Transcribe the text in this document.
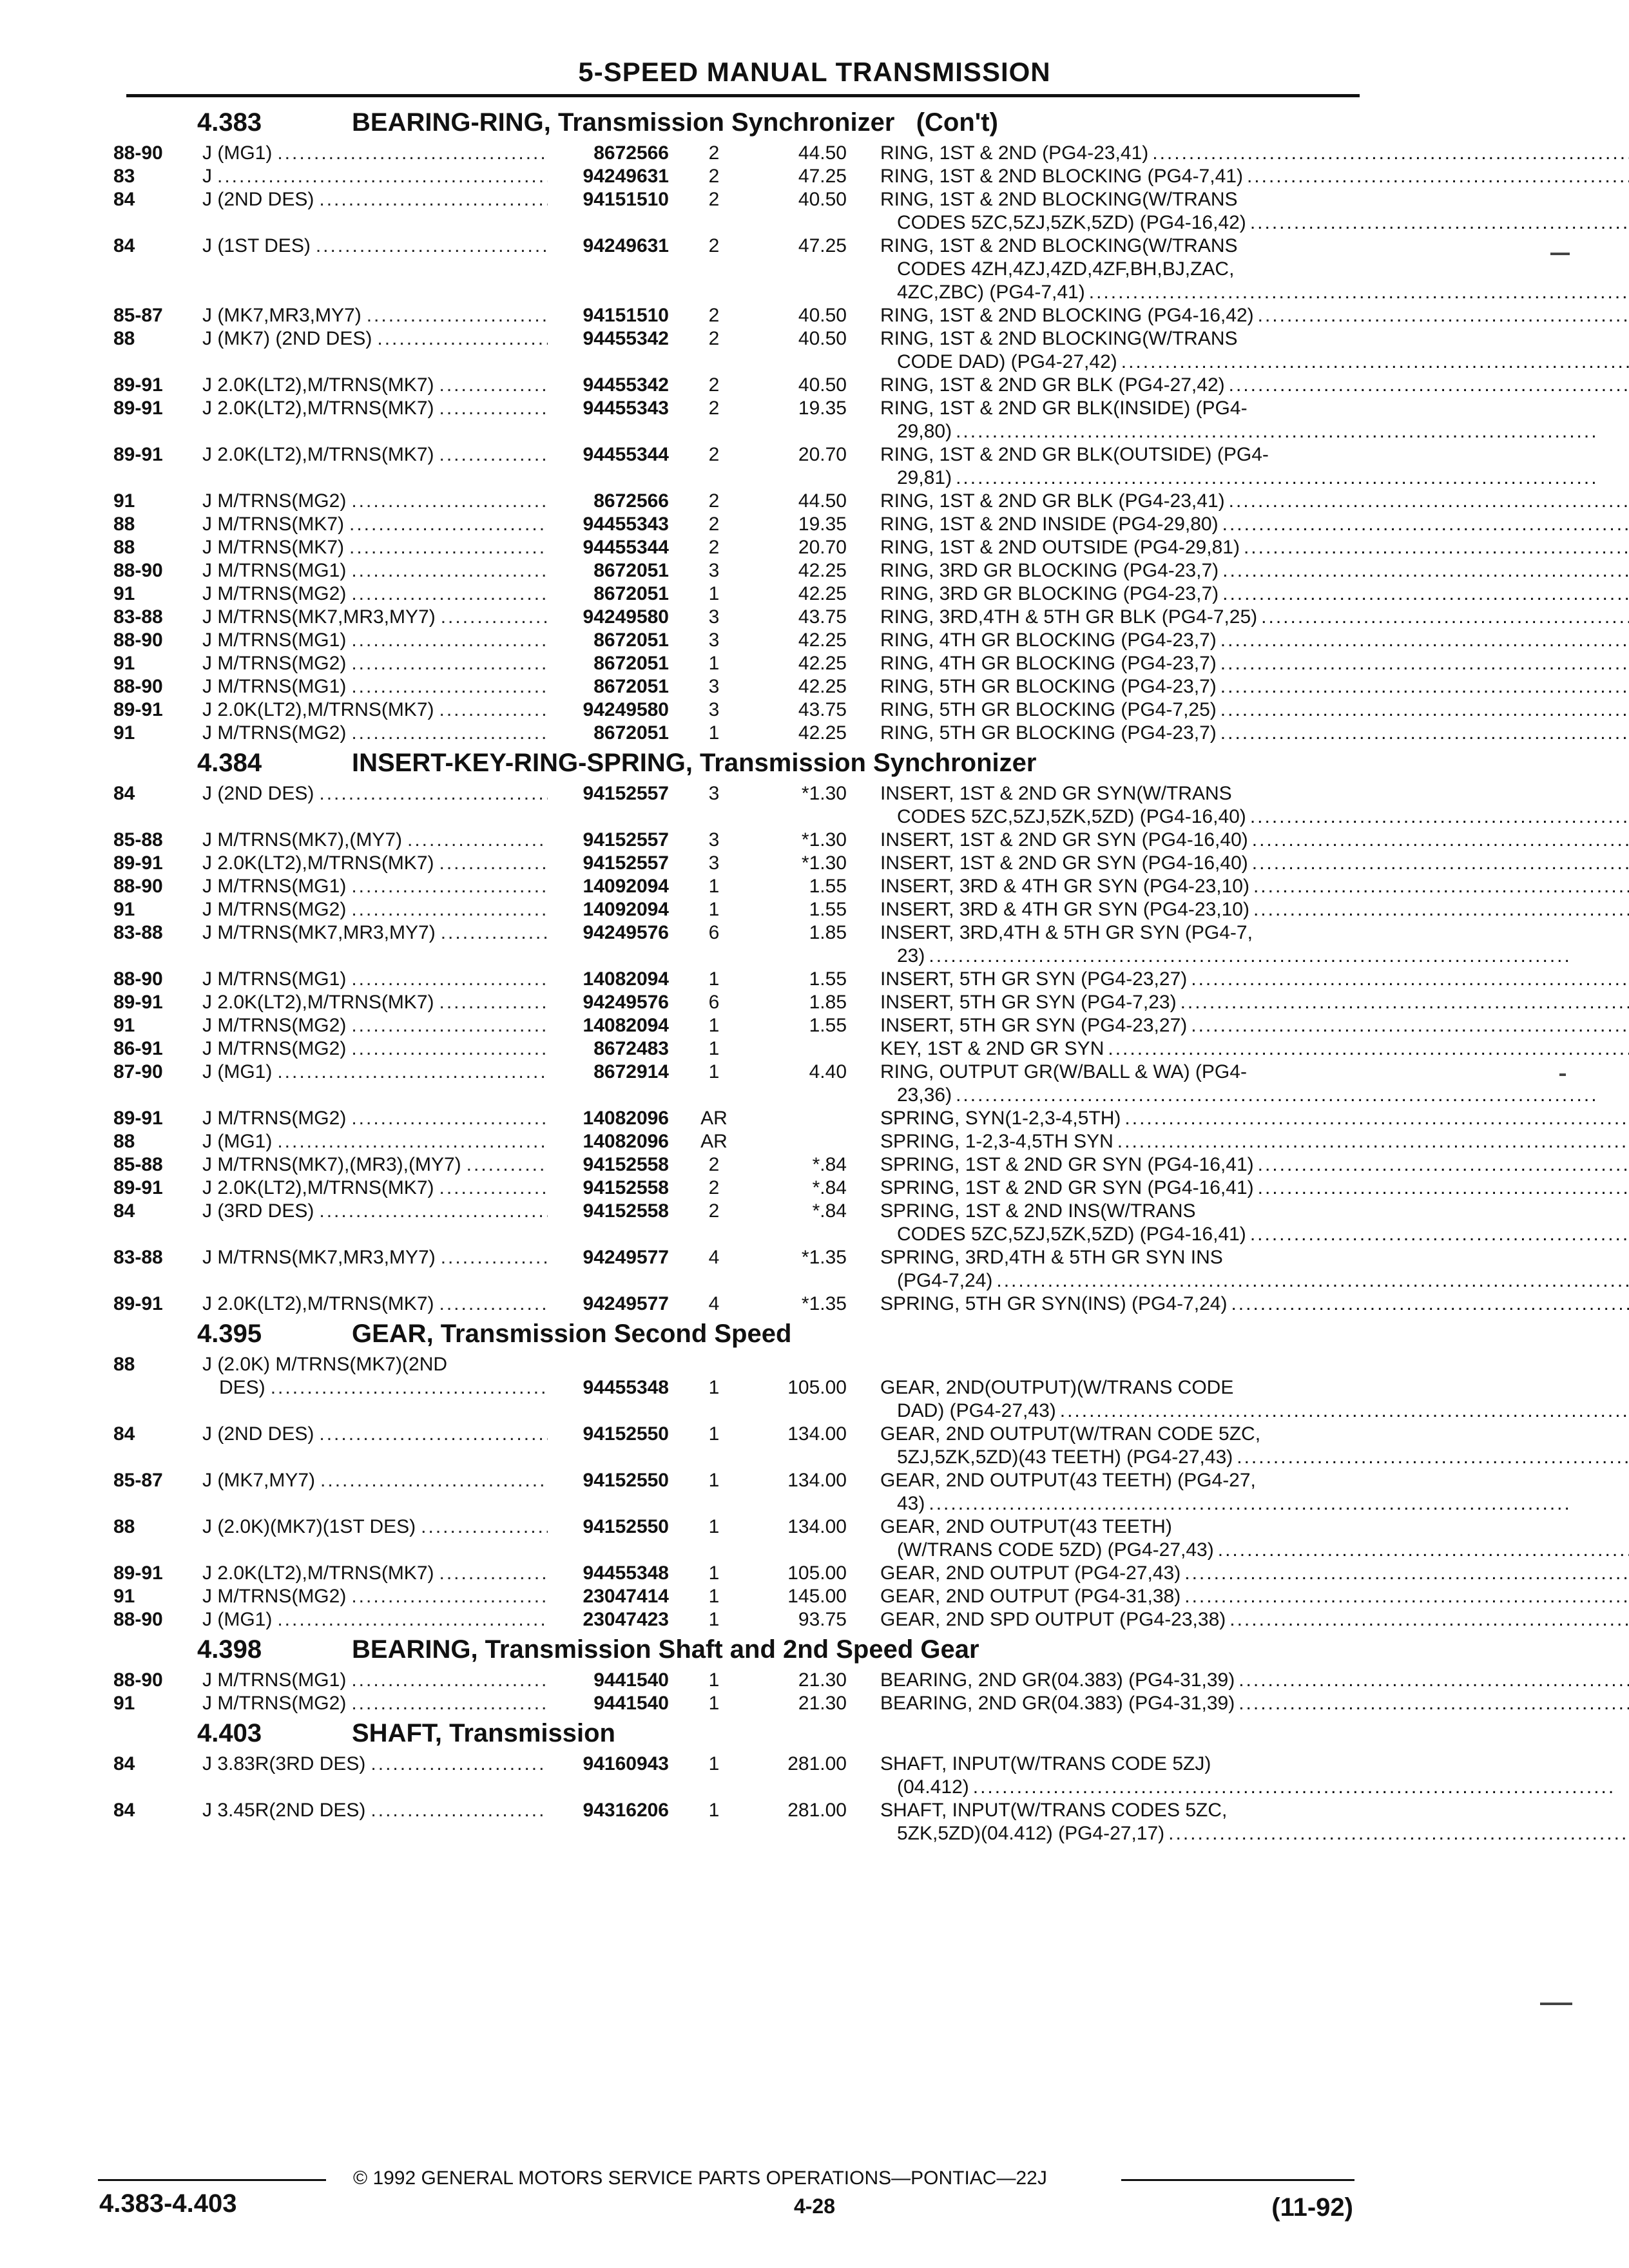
5-SPEED MANUAL TRANSMISSION
4.383	BEARING-RING, Transmission Synchronizer   (Con't)
88-90	J (MG1) .....	8672566	2	44.50 RING, 1ST & 2ND (PG4-23,41)
.....
83	J .....	94249631	2	47.25 RING, 1ST & 2ND BLOCKING (PG4-7,41)
.....
84	J (2ND DES) .....	94151510	2	40.50 RING, 1ST & 2ND BLOCKING(W/TRANS
CODES 5ZC,5ZJ,5ZK,5ZD) (PG4-16,42)
.....
84	J (1ST DES) .....	94249631	2	47.25 RING, 1ST & 2ND BLOCKING(W/TRANS
CODES 4ZH,4ZJ,4ZD,4ZF,BH,BJ,ZAC,
4ZC,ZBC) (PG4-7,41)
.....
85-87	J (MK7,MR3,MY7) .....	94151510	2	40.50 RING, 1ST & 2ND BLOCKING (PG4-16,42)
.....
88	J (MK7) (2ND DES) .....	94455342	2	40.50 RING, 1ST & 2ND BLOCKING(W/TRANS
CODE DAD) (PG4-27,42)
.....
89-91	J 2.0K(LT2),M/TRNS(MK7) .....	94455342	2	40.50 RING, 1ST & 2ND GR BLK (PG4-27,42)
.....
89-91	J 2.0K(LT2),M/TRNS(MK7) .....	94455343	2	19.35 RING, 1ST & 2ND GR BLK(INSIDE) (PG4-
29,80)
.....
89-91	J 2.0K(LT2),M/TRNS(MK7) .....	94455344	2	20.70 RING, 1ST & 2ND GR BLK(OUTSIDE) (PG4-
29,81)
.....
91	J M/TRNS(MG2) .....	8672566	2	44.50 RING, 1ST & 2ND GR BLK (PG4-23,41)
.....
88	J M/TRNS(MK7) .....	94455343	2	19.35 RING, 1ST & 2ND INSIDE (PG4-29,80)
.....
88	J M/TRNS(MK7) .....	94455344	2	20.70 RING, 1ST & 2ND OUTSIDE (PG4-29,81)
.....
88-90	J M/TRNS(MG1) .....	8672051	3	42.25 RING, 3RD GR BLOCKING (PG4-23,7)
.....
91	J M/TRNS(MG2) .....	8672051	1	42.25 RING, 3RD GR BLOCKING (PG4-23,7)
.....
83-88	J M/TRNS(MK7,MR3,MY7) .....	94249580	3	43.75 RING, 3RD,4TH & 5TH GR BLK (PG4-7,25)
.....
88-90	J M/TRNS(MG1) .....	8672051	3	42.25 RING, 4TH GR BLOCKING (PG4-23,7)
.....
91	J M/TRNS(MG2) .....	8672051	1	42.25 RING, 4TH GR BLOCKING (PG4-23,7)
.....
88-90	J M/TRNS(MG1) .....	8672051	3	42.25 RING, 5TH GR BLOCKING (PG4-23,7)
.....
89-91	J 2.0K(LT2),M/TRNS(MK7) .....	94249580	3	43.75 RING, 5TH GR BLOCKING (PG4-7,25)
.....
91	J M/TRNS(MG2) .....	8672051	1	42.25 RING, 5TH GR BLOCKING (PG4-23,7)
.....
4.384	INSERT-KEY-RING-SPRING, Transmission Synchronizer
84	J (2ND DES) .....	94152557	3	*1.30 INSERT, 1ST & 2ND GR SYN(W/TRANS
CODES 5ZC,5ZJ,5ZK,5ZD) (PG4-16,40)
.....
85-88	J M/TRNS(MK7),(MY7) .....	94152557	3	*1.30 INSERT, 1ST & 2ND GR SYN (PG4-16,40)
.....
89-91	J 2.0K(LT2),M/TRNS(MK7) .....	94152557	3	*1.30 INSERT, 1ST & 2ND GR SYN (PG4-16,40)
.....
88-90	J M/TRNS(MG1) .....	14092094	1	1.55 INSERT, 3RD & 4TH GR SYN (PG4-23,10)
.....
91	J M/TRNS(MG2) .....	14092094	1	1.55 INSERT, 3RD & 4TH GR SYN (PG4-23,10)
.....
83-88	J M/TRNS(MK7,MR3,MY7) .....	94249576	6	1.85 INSERT, 3RD,4TH & 5TH GR SYN (PG4-7,
23)
.....
88-90	J M/TRNS(MG1) .....	14082094	1	1.55 INSERT, 5TH GR SYN (PG4-23,27)
.....
89-91	J 2.0K(LT2),M/TRNS(MK7) .....	94249576	6	1.85 INSERT, 5TH GR SYN (PG4-7,23)
.....
91	J M/TRNS(MG2) .....	14082094	1	1.55 INSERT, 5TH GR SYN (PG4-23,27)
.....
86-91	J M/TRNS(MG2) .....	8672483	1	KEY, 1ST & 2ND GR SYN
.....
87-90	J (MG1) .....	8672914	1	4.40 RING, OUTPUT GR(W/BALL & WA) (PG4-
23,36)
.....
89-91	J M/TRNS(MG2) .....	14082096	AR	SPRING, SYN(1-2,3-4,5TH)
.....
88	J (MG1) .....	14082096	AR	SPRING, 1-2,3-4,5TH SYN
.....
85-88	J M/TRNS(MK7),(MR3),(MY7) .....	94152558	2	*.84 SPRING, 1ST & 2ND GR SYN (PG4-16,41)
.....
89-91	J 2.0K(LT2),M/TRNS(MK7) .....	94152558	2	*.84 SPRING, 1ST & 2ND GR SYN (PG4-16,41)
.....
84	J (3RD DES) .....	94152558	2	*.84 SPRING, 1ST & 2ND INS(W/TRANS
CODES 5ZC,5ZJ,5ZK,5ZD) (PG4-16,41)
.....
83-88	J M/TRNS(MK7,MR3,MY7) .....	94249577	4	*1.35 SPRING, 3RD,4TH & 5TH GR SYN INS
(PG4-7,24)
.....
89-91	J 2.0K(LT2),M/TRNS(MK7) .....	94249577	4	*1.35 SPRING, 5TH GR SYN(INS) (PG4-7,24)
.....
4.395	GEAR, Transmission Second Speed
88	J (2.0K) M/TRNS(MK7)(2ND
DES) .....	94455348	1	105.00 GEAR, 2ND(OUTPUT)(W/TRANS CODE
DAD) (PG4-27,43)
.....
84	J (2ND DES) .....	94152550	1	134.00 GEAR, 2ND OUTPUT(W/TRAN CODE 5ZC,
5ZJ,5ZK,5ZD)(43 TEETH) (PG4-27,43)
.....
85-87	J (MK7,MY7) .....	94152550	1	134.00 GEAR, 2ND OUTPUT(43 TEETH) (PG4-27,
43)
.....
88	J (2.0K)(MK7)(1ST DES) .....	94152550	1	134.00 GEAR, 2ND OUTPUT(43 TEETH)
(W/TRANS CODE 5ZD) (PG4-27,43)
.....
89-91	J 2.0K(LT2),M/TRNS(MK7) .....	94455348	1	105.00 GEAR, 2ND OUTPUT (PG4-27,43)
.....
91	J M/TRNS(MG2) .....	23047414	1	145.00 GEAR, 2ND OUTPUT (PG4-31,38)
.....
88-90	J (MG1) .....	23047423	1	93.75 GEAR, 2ND SPD OUTPUT (PG4-23,38)
.....
4.398	BEARING, Transmission Shaft and 2nd Speed Gear
88-90	J M/TRNS(MG1) .....	9441540	1	21.30 BEARING, 2ND GR(04.383) (PG4-31,39)
.....
91	J M/TRNS(MG2) .....	9441540	1	21.30 BEARING, 2ND GR(04.383) (PG4-31,39)
.....
4.403	SHAFT, Transmission
84	J 3.83R(3RD DES) .....	94160943	1	281.00 SHAFT, INPUT(W/TRANS CODE 5ZJ)
(04.412)
.....
84	J 3.45R(2ND DES) .....	94316206	1	281.00 SHAFT, INPUT(W/TRANS CODES 5ZC,
5ZK,5ZD)(04.412) (PG4-27,17)
.....
© 1992 GENERAL MOTORS SERVICE PARTS OPERATIONS—PONTIAC—22J
4.383-4.403	4-28	(11-92)
